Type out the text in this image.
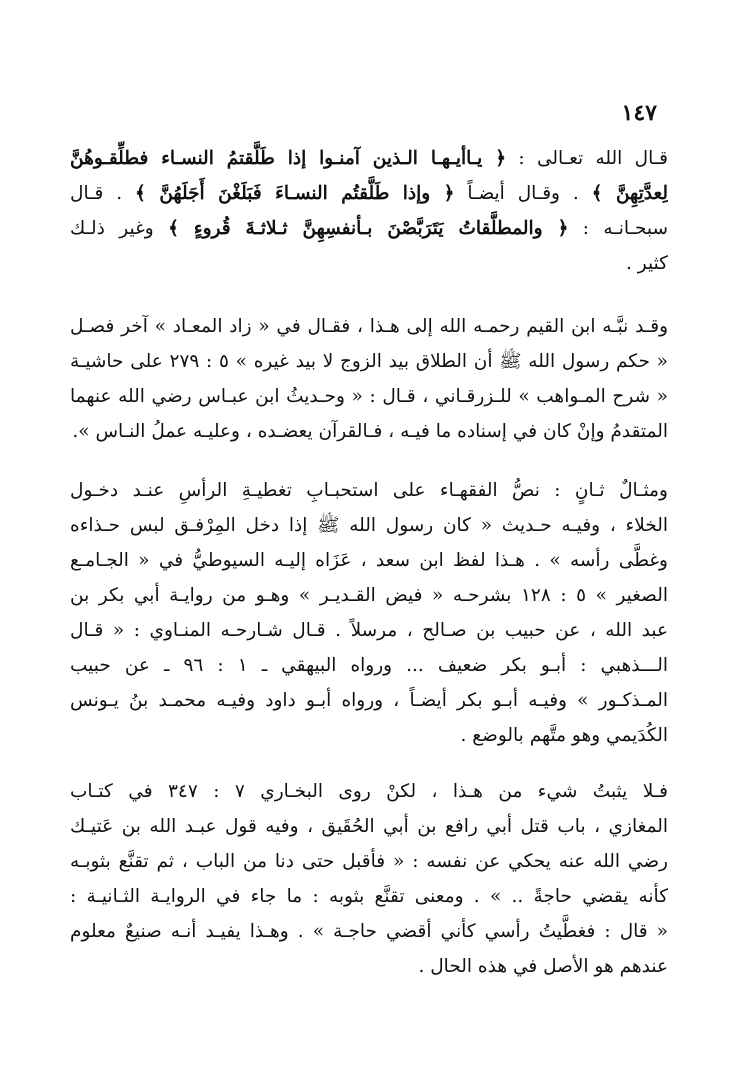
١٤٧
قـال الله تعـالى : ﴿ يـاأيـهـا الـذين آمنـوا إذا طَلَّقتمُ النسـاء فطلِّقـوهُنَّ
لِعدَّتِهِنَّ ﴾ . وقـال أيضـاً ﴿ وإذا طَلَّقتُم النسـاءَ فَبَلَغْنَ أَجَلَهُنَّ ﴾ . قـال
سبحـانـه : ﴿ والمطلَّقاتُ يَتَرَبَّصْنَ بـأنفسِهِنَّ ثـلاثـةَ قُروءٍ ﴾ وغير ذلـك
كثير .
وقـد نبَّـه ابن القيم رحمـه الله إلى هـذا ، فقـال في « زاد المعـاد » آخر فصـل
« حكم رسول الله ﷺ أن الطلاق بيد الزوج لا بيد غيره » ٥ : ٢٧٩ على حاشيـة
« شرح المـواهب » للـزرقـاني ، قـال : « وحـديثُ ابن عبـاس رضي الله عنهما
المتقدمُ وإنْ كان في إسناده ما فيـه ، فـالقرآن يعضـده ، وعليـه عملُ النـاس ».
ومثـالٌ ثـانٍ : نصُّ الفقهـاء على استحبـابِ تغطيـةِ الرأسِ عنـد دخـول
الخلاء ، وفيـه حـديث « كان رسول الله ﷺ إذا دخل المِرْفـق لبس حـذاءه
وغطَّى رأسه » . هـذا لفظ ابن سعد ، عَزَاه إليـه السيوطيُّ في « الجـامـع
الصغير » ٥ : ١٢٨ بشرحـه « فيض القـديـر » وهـو من روايـة أبي بكر بن
عبد الله ، عن حبيب بن صـالح ، مرسلاً . قـال شـارحـه المنـاوي : « قـال
الـــذهبي : أبـو بكر ضعيف ... ورواه البيهقي ـ ١ : ٩٦ ـ عن حبيب
المـذكـور » وفيـه أبـو بكر أيضـاً ، ورواه أبـو داود وفيـه محمـد بنُ يـونس
الكُدَيمي وهو متَّهم بالوضع .
فـلا يثبتُ شيء من هـذا ، لكنْ روى البخـاري ٧ : ٣٤٧ في كتـاب
المغازي ، باب قتل أبي رافع بن أبي الحُقَيق ، وفيه قول عبـد الله بن عَتيـك
رضي الله عنه يحكي عن نفسه : « فأقبل حتى دنا من الباب ، ثم تقنَّع بثوبـه
كأنه يقضي حاجةً .. » . ومعنى تقنَّع بثوبه : ما جاء في الروايـة الثـانيـة :
« قال : فغطَّيتُ رأسي كأني أقضي حاجـة » . وهـذا يفيـد أنـه صنيعٌ معلوم
عندهم هو الأصل في هذه الحال .
